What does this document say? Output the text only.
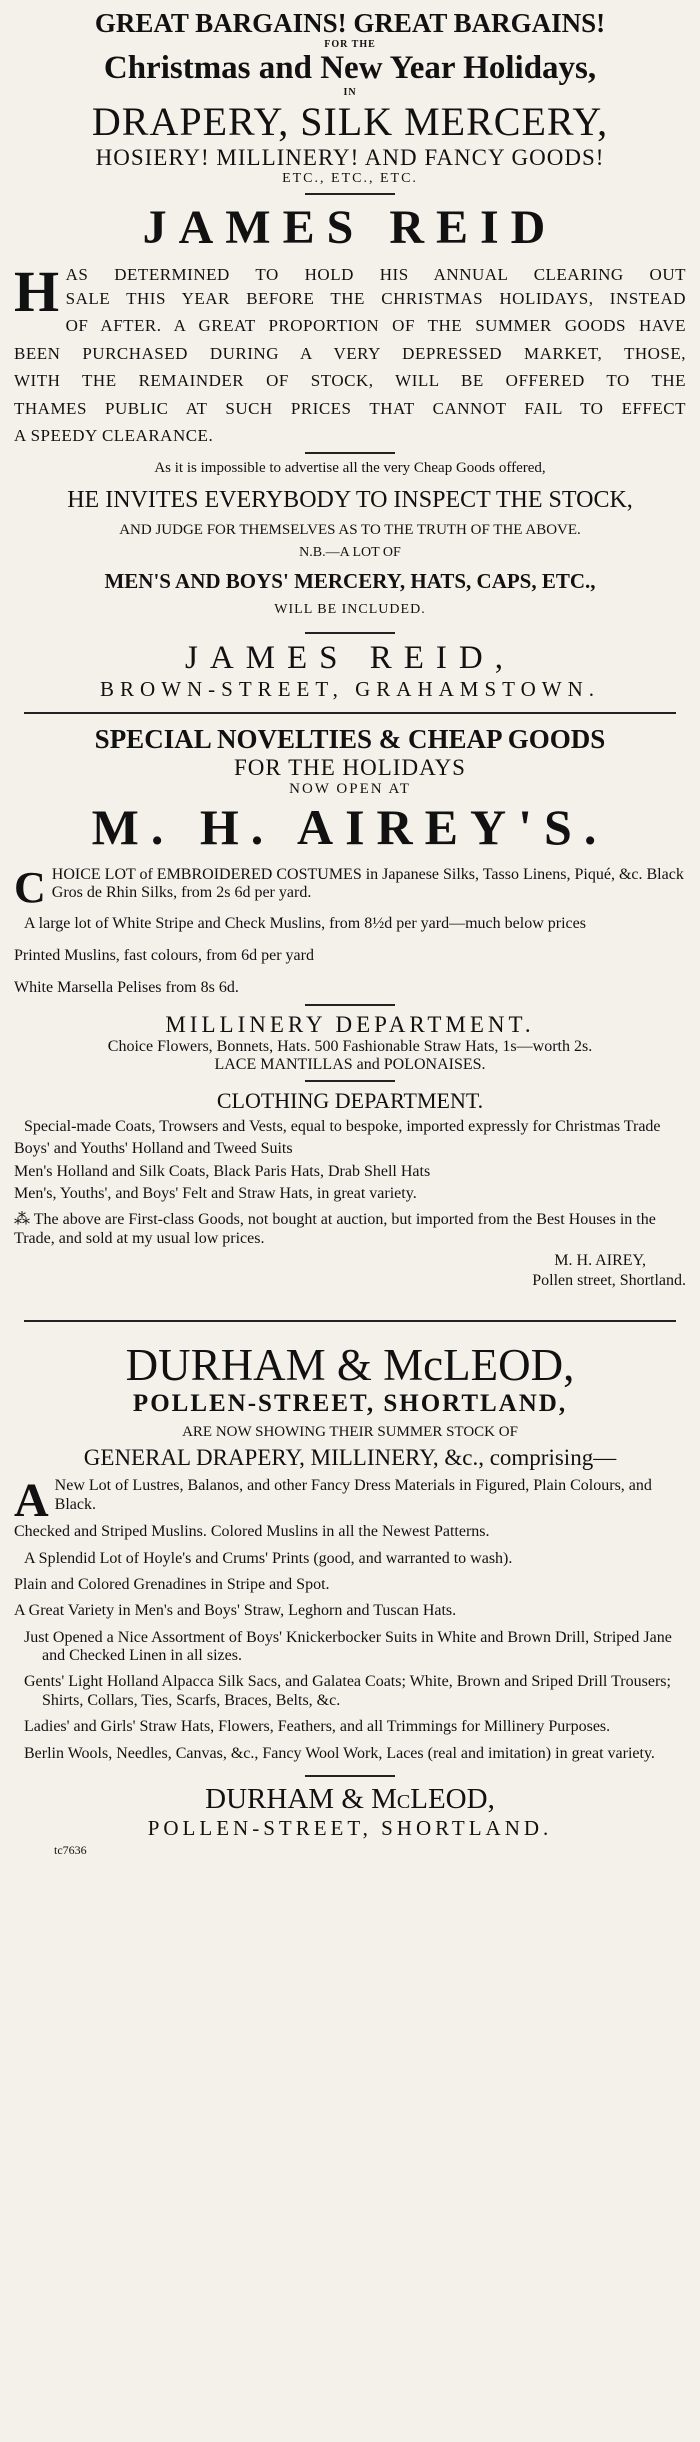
GREAT BARGAINS! GREAT BARGAINS!

FOR THE

Christmas and New Year Holidays,

IN

DRAPERY, SILK MERCERY,

HOSIERY! MILLINERY! AND FANCY GOODS!

ETC., ETC., ETC.

JAMES REID

H AS DETERMINED TO HOLD HIS ANNUAL CLEARING OUT

SALE THIS YEAR BEFORE THE CHRISTMAS HOLIDAYS, INSTEAD

OF AFTER. A GREAT PROPORTION OF THE SUMMER GOODS HAVE

BEEN PURCHASED DURING A VERY DEPRESSED MARKET, THOSE,

WITH THE REMAINDER OF STOCK, WILL BE OFFERED TO THE

THAMES PUBLIC AT SUCH PRICES THAT CANNOT FAIL TO EFFECT

A SPEEDY CLEARANCE.

As it is impossible to advertise all the very Cheap Goods offered,

HE INVITES EVERYBODY TO INSPECT THE STOCK,

AND JUDGE FOR THEMSELVES AS TO THE TRUTH OF THE ABOVE.

N.B.—A LOT OF

MEN'S AND BOYS' MERCERY, HATS, CAPS, ETC.,

WILL BE INCLUDED.

JAMES REID,

BROWN-STREET, GRAHAMSTOWN.

SPECIAL NOVELTIES & CHEAP GOODS

FOR THE HOLIDAYS

NOW OPEN AT

M. H. AIREY'S.

C HOICE LOT of EMBROIDERED COSTUMES in Japanese Silks, Tasso Linens, Piqué, &c. Black Gros de Rhin Silks, from 2s 6d per yard.

A large lot of White Stripe and Check Muslins, from 8½d per yard—much below prices

Printed Muslins, fast colours, from 6d per yard

White Marsella Pelises from 8s 6d.

MILLINERY DEPARTMENT.

Choice Flowers, Bonnets, Hats. 500 Fashionable Straw Hats, 1s—worth 2s.

LACE MANTILLAS and POLONAISES.

CLOTHING DEPARTMENT.

Special-made Coats, Trowsers and Vests, equal to bespoke, imported expressly for Christmas Trade

Boys' and Youths' Holland and Tweed Suits

Men's Holland and Silk Coats, Black Paris Hats, Drab Shell Hats

Men's, Youths', and Boys' Felt and Straw Hats, in great variety.

⁂ The above are First-class Goods, not bought at auction, but imported from the Best Houses in the Trade, and sold at my usual low prices.

M. H. AIREY,

Pollen street, Shortland.

DURHAM & McLEOD,

POLLEN-STREET, SHORTLAND,

ARE NOW SHOWING THEIR SUMMER STOCK OF

GENERAL DRAPERY, MILLINERY, &c., comprising—

A New Lot of Lustres, Balanos, and other Fancy Dress Materials in Figured, Plain Colours, and Black.

Checked and Striped Muslins. Colored Muslins in all the Newest Patterns.

A Splendid Lot of Hoyle's and Crums' Prints (good, and warranted to wash).

Plain and Colored Grenadines in Stripe and Spot.

A Great Variety in Men's and Boys' Straw, Leghorn and Tuscan Hats.

Just Opened a Nice Assortment of Boys' Knickerbocker Suits in White and Brown Drill, Striped Jane and Checked Linen in all sizes.

Gents' Light Holland Alpacca Silk Sacs, and Galatea Coats; White, Brown and Sriped Drill Trousers; Shirts, Collars, Ties, Scarfs, Braces, Belts, &c.

Ladies' and Girls' Straw Hats, Flowers, Feathers, and all Trimmings for Millinery Purposes.

Berlin Wools, Needles, Canvas, &c., Fancy Wool Work, Laces (real and imitation) in great variety.

DURHAM & McLEOD,

POLLEN-STREET, SHORTLAND.

tc7636
